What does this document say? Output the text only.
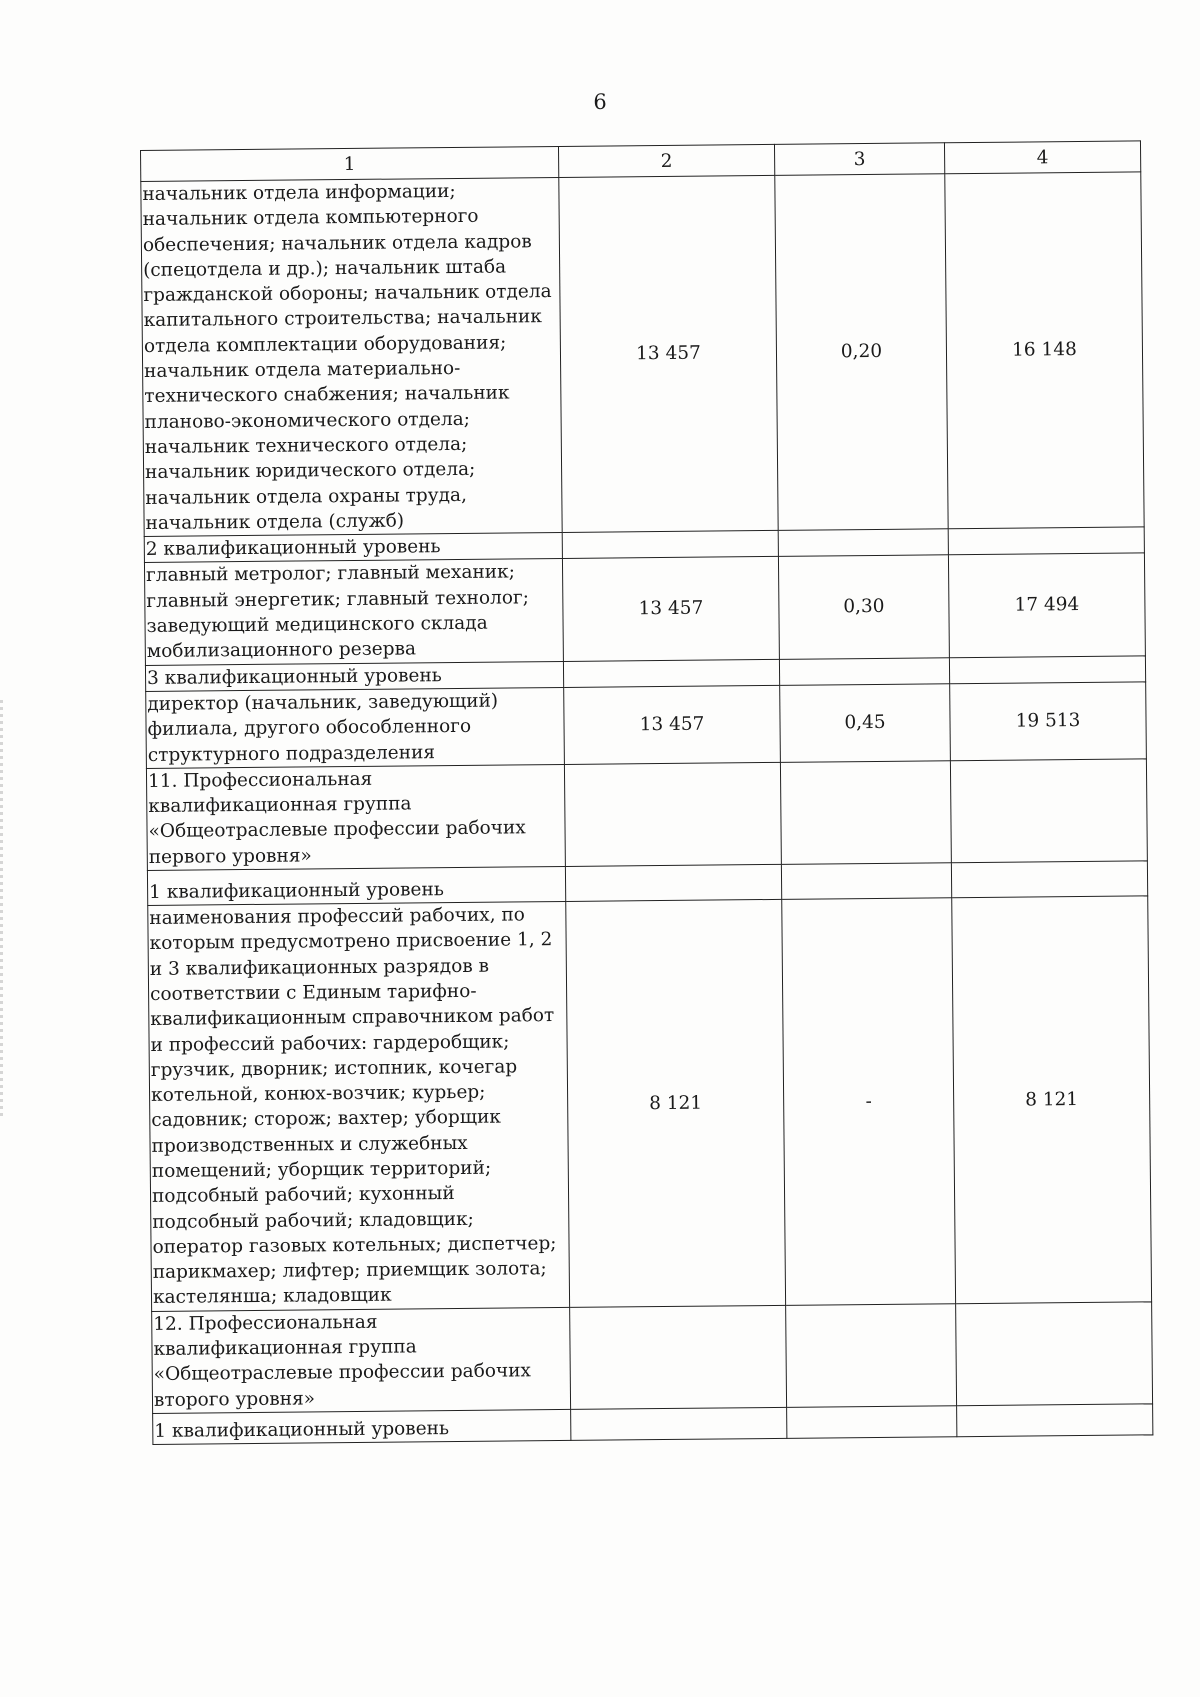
6
1	2	3	4
начальник отдела информации; начальник отдела компьютерного обеспечения; начальник отдела кадров (спецотдела и др.); начальник штаба гражданской обороны; начальник отдела капитального строительства; начальник отдела комплектации оборудования; начальник отдела материально-технического снабжения; начальник планово-экономического отдела; начальник технического отдела; начальник юридического отдела; начальник отдела охраны труда, начальник отдела (служб)	13 457	0,20	16 148
2 квалификационный уровень			
главный метролог; главный механик; главный энергетик; главный технолог; заведующий медицинского склада мобилизационного резерва	13 457	0,30	17 494
3 квалификационный уровень			
директор (начальник, заведующий) филиала, другого обособленного структурного подразделения	13 457	0,45	19 513
11. Профессиональная квалификационная группа «Общеотраслевые профессии рабочих первого уровня»			
1 квалификационный уровень			
наименования профессий рабочих, по которым предусмотрено присвоение 1, 2 и 3 квалификационных разрядов в соответствии с Единым тарифно-квалификационным справочником работ и профессий рабочих: гардеробщик; грузчик, дворник; истопник, кочегар котельной, конюх-возчик; курьер; садовник; сторож; вахтер; уборщик производственных и служебных помещений; уборщик территорий; подсобный рабочий; кухонный подсобный рабочий; кладовщик; оператор газовых котельных; диспетчер; парикмахер; лифтер; приемщик золота; кастелянша; кладовщик	8 121	-	8 121
12. Профессиональная квалификационная группа «Общеотраслевые профессии рабочих второго уровня»			
1 квалификационный уровень			
